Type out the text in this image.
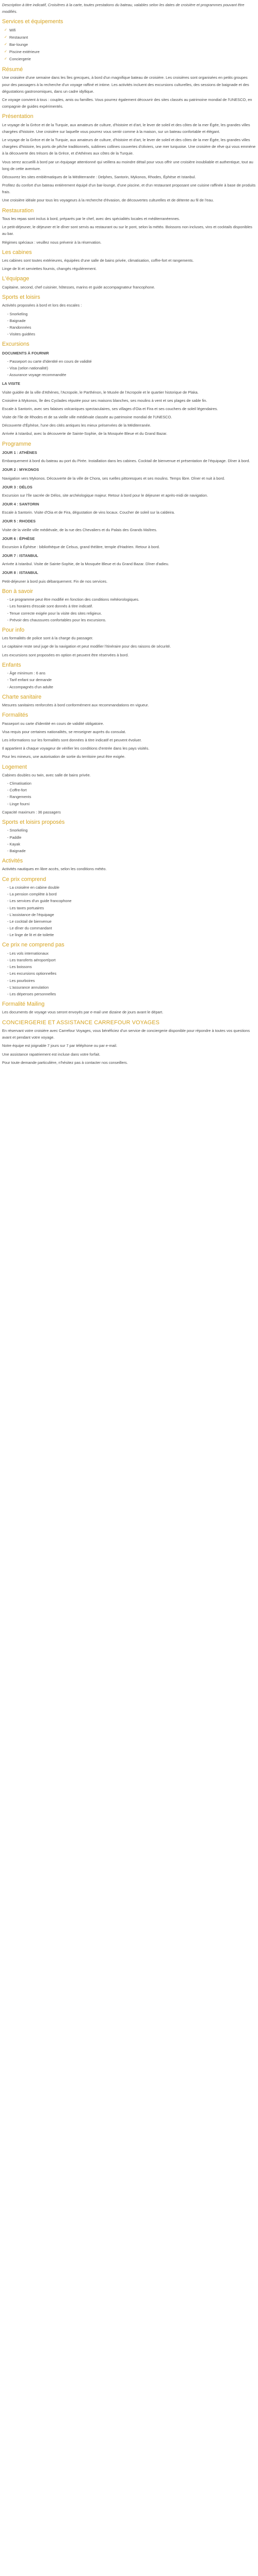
Description à titre indicatif, Croisières à la carte, toutes prestations du bateau, valables selon les dates de croisière et programmes pouvant être modifiés.

Services et équipements
✓ Wifi
✓ Restaurant
✓ Bar-lounge
✓ Piscine extérieure
✓ Conciergerie
Résumé

Une croisière d'une semaine dans les îles grecques, à bord d'un magnifique bateau de croisière. Les croisières sont organisées en petits groupes pour des passagers à la recherche d'un voyage raffiné et intime. Les activités incluent des excursions culturelles, des sessions de baignade et des dégustations gastronomiques, dans un cadre idyllique.

Ce voyage convient à tous : couples, amis ou familles. Vous pourrez également découvrir des sites classés au patrimoine mondial de l'UNESCO, en compagnie de guides expérimentés.

Présentation

Le voyage de la Grèce et de la Turquie, aux amateurs de culture, d'histoire et d'art, le lever de soleil et des côtes de la mer Égée, les grandes villes chargées d'histoire. Une croisière sur laquelle vous pourrez vous sentir comme à la maison, sur un bateau confortable et élégant.

Le voyage de la Grèce et de la Turquie, aux amateurs de culture, d'histoire et d'art, le lever de soleil et des côtes de la mer Égée, les grandes villes chargées d'histoire, les ports de pêche traditionnels, sublimes collines couvertes d'oliviers, une mer turquoise. Une croisière de rêve qui vous emmène à la découverte des trésors de la Grèce, et d'Athènes aux côtes de la Turquie.

Vous serez accueilli à bord par un équipage attentionné qui veillera au moindre détail pour vous offrir une croisière inoubliable et authentique, tout au long de cette aventure.

Découvrez les sites emblématiques de la Méditerranée : Delphes, Santorin, Mykonos, Rhodes, Éphèse et Istanbul.

Profitez du confort d'un bateau entièrement équipé d'un bar-lounge, d'une piscine, et d'un restaurant proposant une cuisine raffinée à base de produits frais.

Une croisière idéale pour tous les voyageurs à la recherche d'évasion, de découvertes culturelles et de détente au fil de l'eau.

Restauration

Tous les repas sont inclus à bord, préparés par le chef, avec des spécialités locales et méditerranéennes.

Le petit-déjeuner, le déjeuner et le dîner sont servis au restaurant ou sur le pont, selon la météo. Boissons non incluses, vins et cocktails disponibles au bar.

Régimes spéciaux : veuillez nous prévenir à la réservation.

Les cabines

Les cabines sont toutes extérieures, équipées d'une salle de bains privée, climatisation, coffre-fort et rangements.

Linge de lit et serviettes fournis, changés régulièrement.

L'équipage

Capitaine, second, chef cuisinier, hôtesses, marins et guide accompagnateur francophone.

Sports et loisirs

Activités proposées à bord et lors des escales :

- Snorkeling
- Baignade
- Randonnées
- Visites guidées
Excursions

DOCUMENTS À FOURNIR

- Passeport ou carte d'identité en cours de validité
- Visa (selon nationalité)
- Assurance voyage recommandée

LA VISITE

Visite guidée de la ville d'Athènes, l'Acropole, le Parthénon, le Musée de l'Acropole et le quartier historique de Plaka.

Croisière à Mykonos, île des Cyclades réputée pour ses maisons blanches, ses moulins à vent et ses plages de sable fin.

Escale à Santorin, avec ses falaises volcaniques spectaculaires, ses villages d'Oia et Fira et ses couchers de soleil légendaires.

Visite de l'île de Rhodes et de sa vieille ville médiévale classée au patrimoine mondial de l'UNESCO.

Découverte d'Éphèse, l'une des cités antiques les mieux préservées de la Méditerranée.

Arrivée à Istanbul, avec la découverte de Sainte-Sophie, de la Mosquée Bleue et du Grand Bazar.

Programme

JOUR 1 : ATHÈNES

Embarquement à bord du bateau au port du Pirée. Installation dans les cabines. Cocktail de bienvenue et présentation de l'équipage. Dîner à bord.

JOUR 2 : MYKONOS

Navigation vers Mykonos. Découverte de la ville de Chora, ses ruelles pittoresques et ses moulins. Temps libre. Dîner et nuit à bord.

JOUR 3 : DÉLOS

Excursion sur l'île sacrée de Délos, site archéologique majeur. Retour à bord pour le déjeuner et après-midi de navigation.

JOUR 4 : SANTORIN

Escale à Santorin. Visite d'Oia et de Fira, dégustation de vins locaux. Coucher de soleil sur la caldeira.

JOUR 5 : RHODES

Visite de la vieille ville médiévale, de la rue des Chevaliers et du Palais des Grands Maîtres.

JOUR 6 : ÉPHÈSE

Excursion à Éphèse : bibliothèque de Celsus, grand théâtre, temple d'Hadrien. Retour à bord.

JOUR 7 : ISTANBUL

Arrivée à Istanbul. Visite de Sainte-Sophie, de la Mosquée Bleue et du Grand Bazar. Dîner d'adieu.

JOUR 8 : ISTANBUL

Petit-déjeuner à bord puis débarquement. Fin de nos services.

Bon à savoir
- Le programme peut être modifié en fonction des conditions météorologiques.
- Les horaires d'escale sont donnés à titre indicatif.
- Tenue correcte exigée pour la visite des sites religieux.
- Prévoir des chaussures confortables pour les excursions.
Pour info

Les formalités de police sont à la charge du passager.

Le capitaine reste seul juge de la navigation et peut modifier l'itinéraire pour des raisons de sécurité.

Les excursions sont proposées en option et peuvent être réservées à bord.

Enfants
- Âge minimum : 6 ans
- Tarif enfant sur demande
- Accompagnés d'un adulte
Charte sanitaire

Mesures sanitaires renforcées à bord conformément aux recommandations en vigueur.

Formalités

Passeport ou carte d'identité en cours de validité obligatoire.

Visa requis pour certaines nationalités, se renseigner auprès du consulat.

Les informations sur les formalités sont données à titre indicatif et peuvent évoluer.

Il appartient à chaque voyageur de vérifier les conditions d'entrée dans les pays visités.

Pour les mineurs, une autorisation de sortie du territoire peut être exigée.

Logement

Cabines doubles ou twin, avec salle de bains privée.

- Climatisation
- Coffre-fort
- Rangements
- Linge fourni

Capacité maximum : 36 passagers

Sports et loisirs proposés
- Snorkeling
- Paddle
- Kayak
- Baignade
Activités

Activités nautiques en libre accès, selon les conditions météo.

Ce prix comprend
- La croisière en cabine double
- La pension complète à bord
- Les services d'un guide francophone
- Les taxes portuaires
- L'assistance de l'équipage
- Le cocktail de bienvenue
- Le dîner du commandant
- Le linge de lit et de toilette
Ce prix ne comprend pas
- Les vols internationaux
- Les transferts aéroport/port
- Les boissons
- Les excursions optionnelles
- Les pourboires
- L'assurance annulation
- Les dépenses personnelles
Formalité Mailing

Les documents de voyage vous seront envoyés par e-mail une dizaine de jours avant le départ.

CONCIERGERIE ET ASSISTANCE CARREFOUR VOYAGES

En réservant votre croisière avec Carrefour Voyages, vous bénéficiez d'un service de conciergerie disponible pour répondre à toutes vos questions avant et pendant votre voyage.

Notre équipe est joignable 7 jours sur 7 par téléphone ou par e-mail.

Une assistance rapatriement est incluse dans votre forfait.

Pour toute demande particulière, n'hésitez pas à contacter nos conseillers.
